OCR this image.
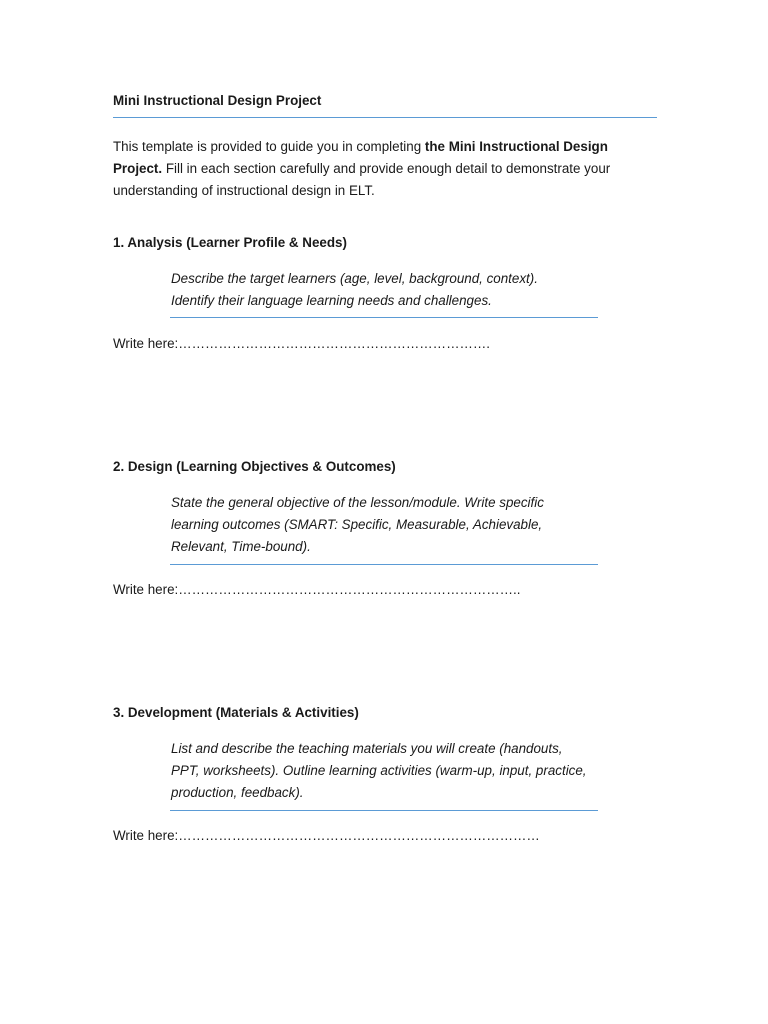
Mini Instructional Design Project

This template is provided to guide you in completing the Mini Instructional Design Project. Fill in each section carefully and provide enough detail to demonstrate your understanding of instructional design in ELT.

1. Analysis (Learner Profile & Needs)

Describe the target learners (age, level, background, context). Identify their language learning needs and challenges.

Write here:…………………………………………………………….

2. Design (Learning Objectives & Outcomes)

State the general objective of the lesson/module. Write specific learning outcomes (SMART: Specific, Measurable, Achievable, Relevant, Time-bound).

Write here:…………………………………………………………………..

3. Development (Materials & Activities)

List and describe the teaching materials you will create (handouts, PPT, worksheets). Outline learning activities (warm-up, input, practice, production, feedback).

Write here:………………………………………………………………………
